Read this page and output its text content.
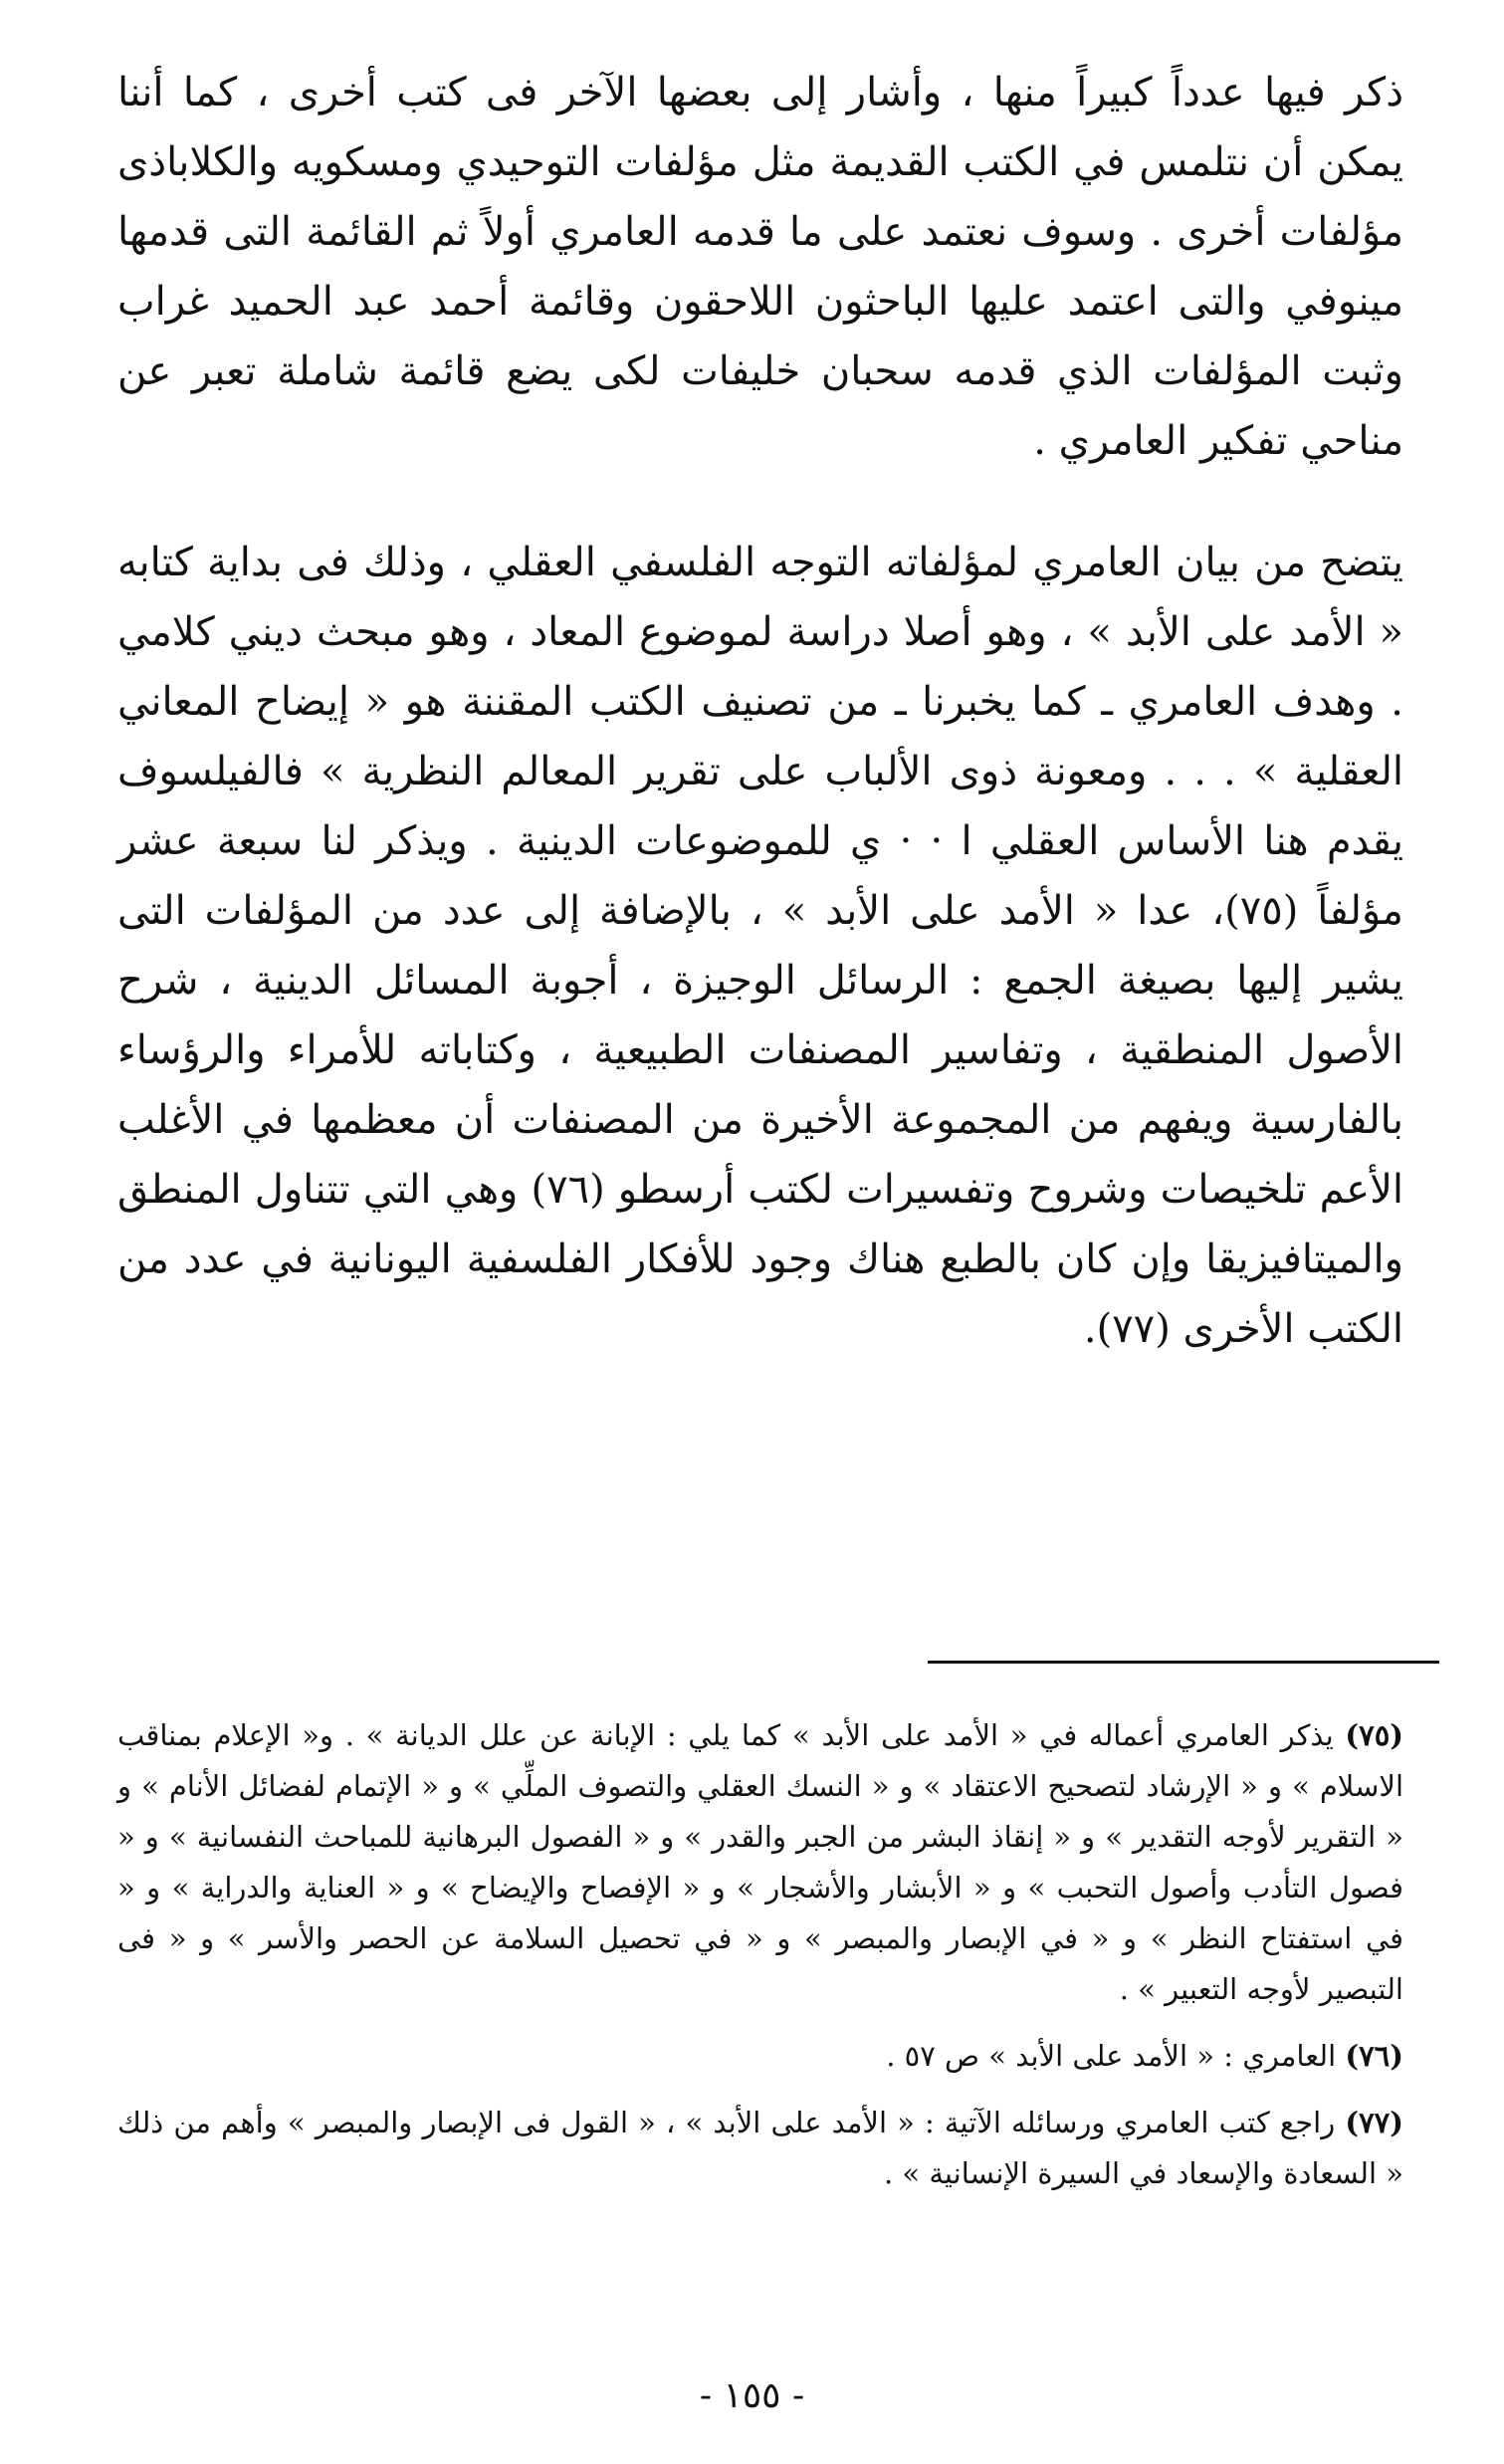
ذكر فيها عدداً كبيراً منها ، وأشار إلى بعضها الآخر فى كتب أخرى ، كما أننا يمكن أن نتلمس في الكتب القديمة مثل مؤلفات التوحيدي ومسكويه والكلاباذى مؤلفات أخرى . وسوف نعتمد على ما قدمه العامري أولاً ثم القائمة التى قدمها مينوفي والتى اعتمد عليها الباحثون اللاحقون وقائمة أحمد عبد الحميد غراب وثبت المؤلفات الذي قدمه سحبان خليفات لكى يضع قائمة شاملة تعبر عن مناحي تفكير العامري .

يتضح من بيان العامري لمؤلفاته التوجه الفلسفي العقلي ، وذلك فى بداية كتابه « الأمد على الأبد » ، وهو أصلا دراسة لموضوع المعاد ، وهو مبحث ديني كلامي . وهدف العامري ـ كما يخبرنا ـ من تصنيف الكتب المقننة هو « إيضاح المعاني العقلية » . . . ومعونة ذوى الألباب على تقرير المعالم النظرية » فالفيلسوف يقدم هنا الأساس العقلي ا · · ي للموضوعات الدينية . ويذكر لنا سبعة عشر مؤلفاً (٧٥)، عدا « الأمد على الأبد » ، بالإضافة إلى عدد من المؤلفات التى يشير إليها بصيغة الجمع : الرسائل الوجيزة ، أجوبة المسائل الدينية ، شرح الأصول المنطقية ، وتفاسير المصنفات الطبيعية ، وكتاباته للأمراء والرؤساء بالفارسية ويفهم من المجموعة الأخيرة من المصنفات أن معظمها في الأغلب الأعم تلخيصات وشروح وتفسيرات لكتب أرسطو (٧٦) وهي التي تتناول المنطق والميتافيزيقا وإن كان بالطبع هناك وجود للأفكار الفلسفية اليونانية في عدد من الكتب الأخرى (٧٧).

(٧٥) يذكر العامري أعماله في « الأمد على الأبد » كما يلي : الإبانة عن علل الديانة » . و« الإعلام بمناقب الاسلام » و « الإرشاد لتصحيح الاعتقاد » و « النسك العقلي والتصوف الملِّي » و « الإتمام لفضائل الأنام » و « التقرير لأوجه التقدير » و « إنقاذ البشر من الجبر والقدر » و « الفصول البرهانية للمباحث النفسانية » و « فصول التأدب وأصول التحبب » و « الأبشار والأشجار » و « الإفصاح والإيضاح » و « العناية والدراية » و « في استفتاح النظر » و « في الإبصار والمبصر » و « في تحصيل السلامة عن الحصر والأسر » و « فى التبصير لأوجه التعبير » .

(٧٦) العامري : « الأمد على الأبد » ص ٥٧ .

(٧٧) راجع كتب العامري ورسائله الآتية : « الأمد على الأبد » ، « القول فى الإبصار والمبصر » وأهم من ذلك « السعادة والإسعاد في السيرة الإنسانية » .

- ١٥٥ -
